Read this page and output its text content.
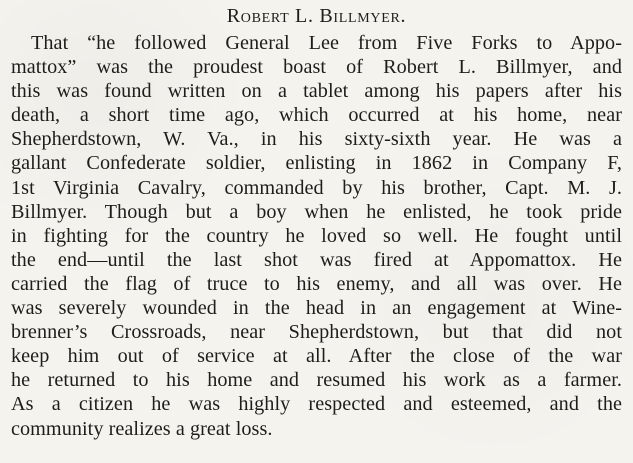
Robert L. Billmyer.
That “he followed General Lee from Five Forks to Appo-
mattox” was the proudest boast of Robert L. Billmyer, and
this was found written on a tablet among his papers after his
death, a short time ago, which occurred at his home, near
Shepherdstown, W. Va., in his sixty-sixth year. He was a
gallant Confederate soldier, enlisting in 1862 in Company F,
1st Virginia Cavalry, commanded by his brother, Capt. M. J.
Billmyer. Though but a boy when he enlisted, he took pride
in fighting for the country he loved so well. He fought until
the end—until the last shot was fired at Appomattox. He
carried the flag of truce to his enemy, and all was over. He
was severely wounded in the head in an engagement at Wine-
brenner’s Crossroads, near Shepherdstown, but that did not
keep him out of service at all. After the close of the war
he returned to his home and resumed his work as a farmer.
As a citizen he was highly respected and esteemed, and the
community realizes a great loss.
